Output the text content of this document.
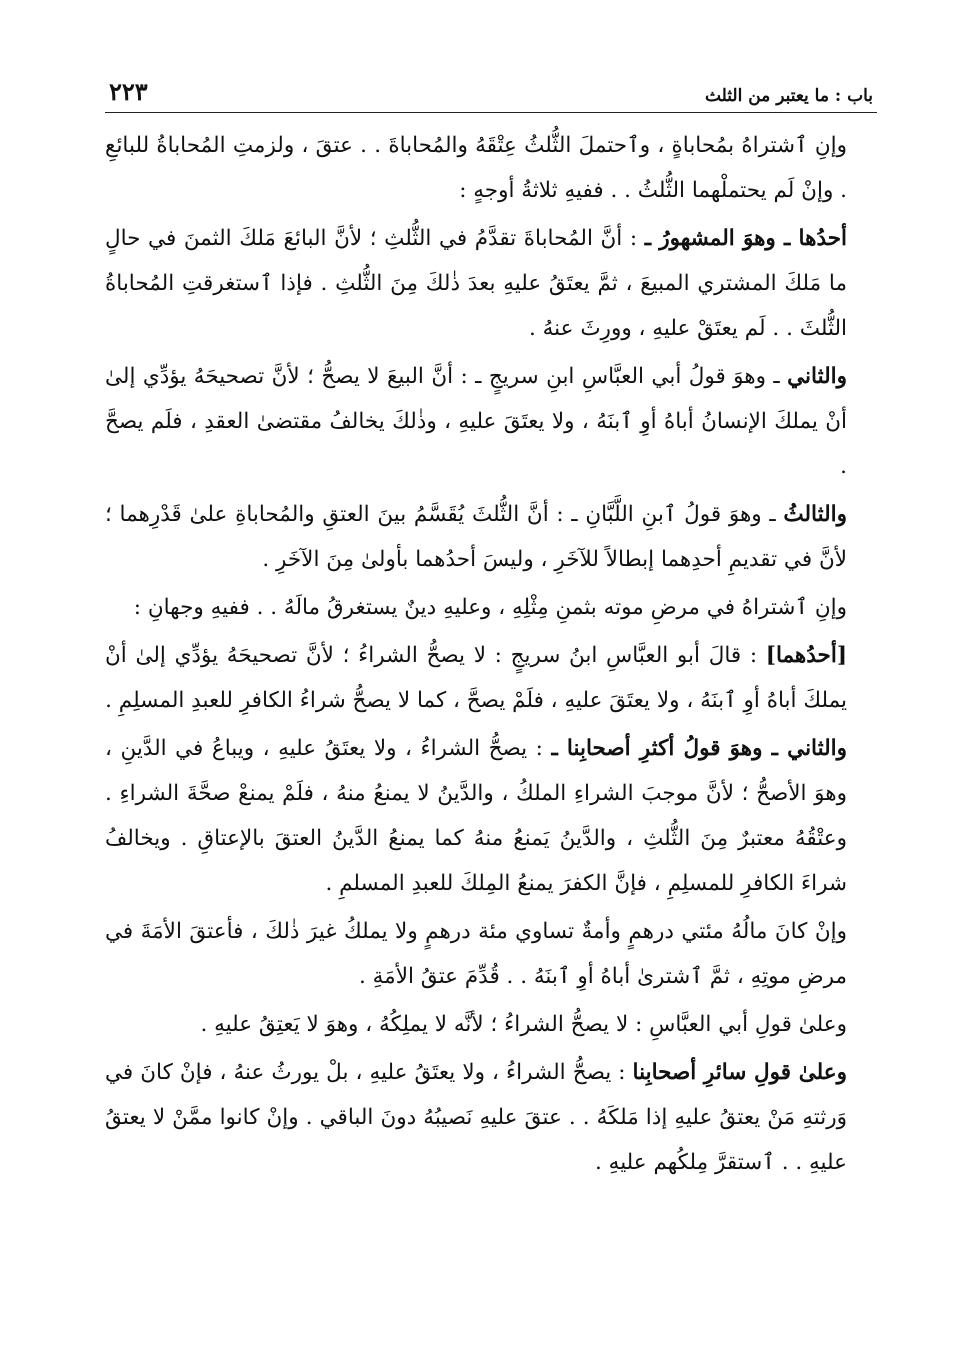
باب : ما يعتبر من الثلث
٢٢٣

وإنِ ٱشتراهُ بمُحاباةٍ ، وٱحتملَ الثُّلثُ عِتْقَهُ والمُحاباةَ . . عتقَ ، ولزمتِ المُحاباةُ للبائعِ . وإنْ لَم يحتملْهما الثُّلثُ . . ففيهِ ثلاثةُ أوجهٍ :

أحدُها ـ وهوَ المشهورُ ـ : أنَّ المُحاباةَ تقدَّمُ في الثُّلثِ ؛ لأنَّ البائعَ مَلكَ الثمنَ في حالٍ ما مَلكَ المشتري المبيعَ ، ثمَّ يعتَقُ عليهِ بعدَ ذٰلكَ مِنَ الثُّلثِ . فإذا ٱستغرقتِ المُحاباةُ الثُّلثَ . . لَم يعتَقْ عليهِ ، وورِثَ عنهُ .

والثاني ـ وهوَ قولُ أبي العبَّاسِ ابنِ سريجٍ ـ : أنَّ البيعَ لا يصحُّ ؛ لأنَّ تصحيحَهُ يؤدِّي إلىٰ أنْ يملكَ الإنسانُ أباهُ أوِ ٱبنَهُ ، ولا يعتَقَ عليهِ ، وذٰلكَ يخالفُ مقتضىٰ العقدِ ، فلَم يصحَّ .

والثالثُ ـ وهوَ قولُ ٱبنِ اللَّبَّانِ ـ : أنَّ الثُّلثَ يُقَسَّمُ بينَ العتقِ والمُحاباةِ علىٰ قَدْرِهما ؛ لأنَّ في تقديمِ أحدِهما إبطالاً للآخَرِ ، وليسَ أحدُهما بأولىٰ مِنَ الآخَرِ .

وإنِ ٱشتراهُ في مرضِ موته بثمنِ مِثْلِهِ ، وعليهِ دينٌ يستغرقُ مالَهُ . . ففيهِ وجهانِ :

[أحدُهما] : قالَ أبو العبَّاسِ ابنُ سريجٍ : لا يصحُّ الشراءُ ؛ لأنَّ تصحيحَهُ يؤدِّي إلىٰ أنْ يملكَ أباهُ أوِ ٱبنَهُ ، ولا يعتَقَ عليهِ ، فلَمْ يصحَّ ، كما لا يصحُّ شراءُ الكافرِ للعبدِ المسلِمِ .

والثاني ـ وهوَ قولُ أكثرِ أصحابِنا ـ : يصحُّ الشراءُ ، ولا يعتَقُ عليهِ ، ويباعُ في الدَّينِ ، وهوَ الأصحُّ ؛ لأنَّ موجبَ الشراءِ الملكُ ، والدَّينُ لا يمنعُ منهُ ، فلَمْ يمنعْ صحَّةَ الشراءِ . وعتْقُهُ معتبرٌ مِنَ الثُّلثِ ، والدَّينُ يَمنعُ منهُ كما يمنعُ الدَّينُ العتقَ بالإعتاقِ . ويخالفُ شراءَ الكافرِ للمسلِمِ ، فإنَّ الكفرَ يمنعُ المِلكَ للعبدِ المسلمِ .

وإنْ كانَ مالُهُ مئتي درهمٍ وأمةٌ تساوي مئة درهمٍ ولا يملكُ غيرَ ذٰلكَ ، فأعتقَ الأمَةَ في مرضِ موتِهِ ، ثمَّ ٱشترىٰ أباهُ أوِ ٱبنَهُ . . قُدِّمَ عتقُ الأمَةِ .

وعلىٰ قولِ أبي العبَّاسِ : لا يصحُّ الشراءُ ؛ لأنَّه لا يملِكُهُ ، وهوَ لا يَعتِقُ عليهِ .

وعلىٰ قولِ سائرِ أصحابِنا : يصحُّ الشراءُ ، ولا يعتَقُ عليهِ ، بلْ يورثُ عنهُ ، فإنْ كانَ في وَرثتهِ مَنْ يعتقُ عليهِ إذا مَلكَهُ . . عتقَ عليهِ نَصيبُهُ دونَ الباقي . وإنْ كانوا ممَّنْ لا يعتقُ عليهِ . . ٱستقرَّ مِلكُهم عليهِ .
